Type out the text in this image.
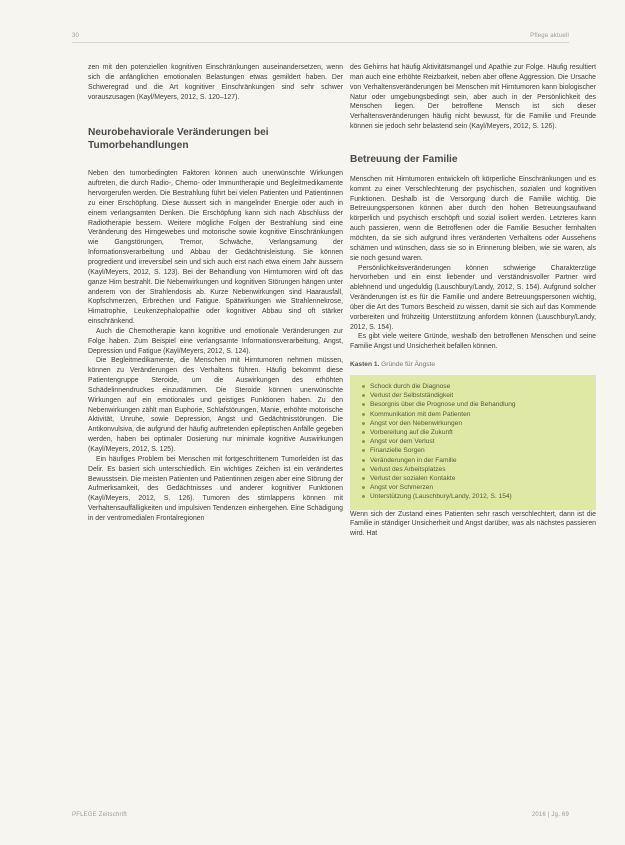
30	Pflege aktuell

zen mit den potenziellen kognitiven Einschränkungen auseinandersetzen, wenn sich die anfänglichen emotionalen Belastungen etwas gemildert haben. Der Schweregrad und die Art kognitiver Einschränkungen sind sehr schwer vorauszusagen (Kayl/Meyers, 2012, S. 120–127).

Neurobehaviorale Veränderungen bei Tumorbehandlungen

Neben den tumorbedingten Faktoren können auch unerwünschte Wirkungen auftreten, die durch Radio-, Chemo- oder Immuntherapie und Begleitmedikamente hervorgerufen werden. Die Bestrahlung führt bei vielen Patienten und Patientinnen zu einer Erschöpfung. Diese äussert sich in mangelnder Energie oder auch in einem verlangsamten Denken. Die Erschöpfung kann sich nach Abschluss der Radiotherapie bessern. Weitere mögliche Folgen der Bestrahlung sind eine Veränderung des Hirngewebes und motorische sowie kognitive Einschränkungen wie Gangstörungen, Tremor, Schwäche, Verlangsamung der Informationsverarbeitung und Abbau der Gedächtnisleistung. Sie können progredient und irreversibel sein und sich auch erst nach etwa einem Jahr äussern (Kayl/Meyers, 2012, S. 123). Bei der Behandlung von Hirntumoren wird oft das ganze Hirn bestrahlt. Die Nebenwirkungen und kognitiven Störungen hängen unter anderem von der Strahlendosis ab. Kurze Nebenwirkungen sind Haarausfall, Kopfschmerzen, Erbrechen und Fatigue. Spätwirkungen wie Strahlennekrose, Hirnatrophie, Leukenzephalopathie oder kognitiver Abbau sind oft stärker einschränkend.

Auch die Chemotherapie kann kognitive und emotionale Veränderungen zur Folge haben. Zum Beispiel eine verlangsamte Informationsverarbeitung, Angst, Depression und Fatigue (Kayl/Meyers, 2012, S. 124).

Die Begleitmedikamente, die Menschen mit Hirntumoren nehmen müssen, können zu Veränderungen des Verhaltens führen. Häufig bekommt diese Patientengruppe Steroide, um die Auswirkungen des erhöhten Schädelinnendruckes einzudämmen. Die Steroide können unerwünschte Wirkungen auf ein emotionales und geistiges Funktionen haben. Zu den Nebenwirkungen zählt man Euphorie, Schlafstörungen, Manie, erhöhte motorische Aktivität, Unruhe, sowie Depression, Angst und Gedächtnisstörungen. Die Antikonvulsiva, die aufgrund der häufig auftretenden epileptischen Anfälle gegeben werden, haben bei optimaler Dosierung nur minimale kognitive Auswirkungen (Kayl/Meyers, 2012, S. 125).

Ein häufiges Problem bei Menschen mit fortgeschrittenem Tumorleiden ist das Delir. Es basiert sich unterschiedlich. Ein wichtiges Zeichen ist ein verändertes Bewusstsein. Die meisten Patienten und Patientinnen zeigen aber eine Störung der Aufmerksamkeit, des Gedächtnisses und anderer kognitiver Funktionen (Kayl/Meyers, 2012, S. 126). Tumoren des stirnlappens können mit Verhaltensauffälligkeiten und impulsiven Tendenzen einhergehen. Eine Schädigung in der ventromedialen Frontalregionen

des Gehirns hat häufig Aktivitätsmangel und Apathie zur Folge. Häufig resultiert man auch eine erhöhte Reizbarkeit, neben aber offene Aggression. Die Ursache von Verhaltensveränderungen bei Menschen mit Hirntumoren kann biologischer Natur oder umgebungsbedingt sein, aber auch in der Persönlichkeit des Menschen liegen. Der betroffene Mensch ist sich dieser Verhaltensveränderungen häufig nicht bewusst, für die Familie und Freunde können sie jedoch sehr belastend sein (Kayl/Meyers, 2012, S. 126).

Betreuung der Familie

Menschen mit Hirntumoren entwickeln oft körperliche Einschränkungen und es kommt zu einer Verschlechterung der psychischen, sozialen und kognitiven Funktionen. Deshalb ist die Versorgung durch die Familie wichtig. Die Betreuungspersonen können aber durch den hohen Betreuungsaufwand körperlich und psychisch erschöpft und sozial isoliert werden. Letzteres kann auch passieren, wenn die Betroffenen oder die Familie Besucher fernhalten möchten, da sie sich aufgrund ihres veränderten Verhaltens oder Aussehens schämen und wünschen, dass sie so in Erinnerung bleiben, wie sie waren, als sie noch gesund waren.

Persönlichkeitsveränderungen können schwierige Charakterzüge hervorheben und ein einst liebender und verständnisvoller Partner wird ablehnend und ungeduldig (Lauschbury/Landy, 2012, S. 154). Aufgrund solcher Veränderungen ist es für die Familie und andere Betreuungspersonen wichtig, über die Art des Tumors Bescheid zu wissen, damit sie sich auf das Kommende vorbereiten und frühzeitig Unterstützung anfordern können (Lauschbury/Landy, 2012, S. 154).

Es gibt viele weitere Gründe, weshalb den betroffenen Menschen und seine Familie Angst und Unsicherheit befallen können.

Kasten 1. Gründe für Ängste
Schock durch die Diagnose
Verlust der Selbstständigkeit
Besorgnis über die Prognose und die Behandlung
Kommunikation mit dem Patienten
Angst vor den Nebenwirkungen
Vorbereitung auf die Zukunft
Angst vor dem Verlust
Finanzielle Sorgen
Veränderungen in der Familie
Verlust des Arbeitsplatzes
Verlust der sozialen Kontakte
Angst vor Schmerzen
Unterstützung (Lauschbury/Landy, 2012, S. 154)

Wenn sich der Zustand eines Patienten sehr rasch verschlechtert, dann ist die Familie in ständiger Unsicherheit und Angst darüber, was als nächstes passieren wird. Hat

PFLEGE Zeitschrift	2016 | Jg. 69
